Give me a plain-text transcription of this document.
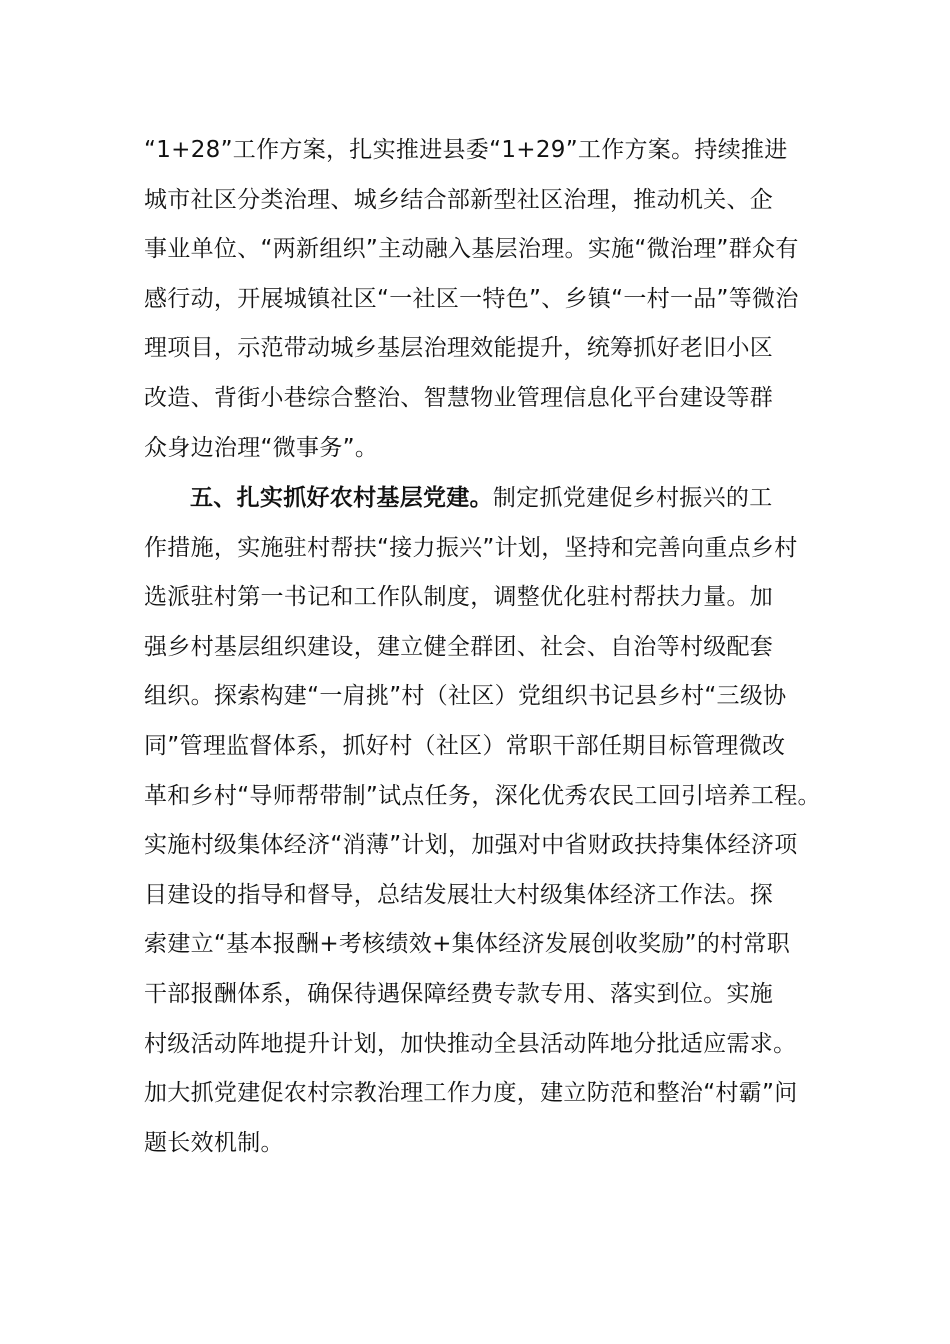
“1+28”工作方案，扎实推进县委“1+29”工作方案。持续推进
城市社区分类治理、城乡结合部新型社区治理，推动机关、企
事业单位、“两新组织”主动融入基层治理。实施“微治理”群众有
感行动，开展城镇社区“一社区一特色”、乡镇“一村一品”等微治
理项目，示范带动城乡基层治理效能提升，统筹抓好老旧小区
改造、背街小巷综合整治、智慧物业管理信息化平台建设等群
众身边治理“微事务”。
五、扎实抓好农村基层党建。制定抓党建促乡村振兴的工
作措施，实施驻村帮扶“接力振兴”计划，坚持和完善向重点乡村
选派驻村第一书记和工作队制度，调整优化驻村帮扶力量。加
强乡村基层组织建设，建立健全群团、社会、自治等村级配套
组织。探索构建“一肩挑”村（社区）党组织书记县乡村“三级协
同”管理监督体系，抓好村（社区）常职干部任期目标管理微改
革和乡村“导师帮带制”试点任务，深化优秀农民工回引培养工程。
实施村级集体经济“消薄”计划，加强对中省财政扶持集体经济项
目建设的指导和督导，总结发展壮大村级集体经济工作法。探
索建立“基本报酬+考核绩效+集体经济发展创收奖励”的村常职
干部报酬体系，确保待遇保障经费专款专用、落实到位。实施
村级活动阵地提升计划，加快推动全县活动阵地分批适应需求。
加大抓党建促农村宗教治理工作力度，建立防范和整治“村霸”问
题长效机制。
